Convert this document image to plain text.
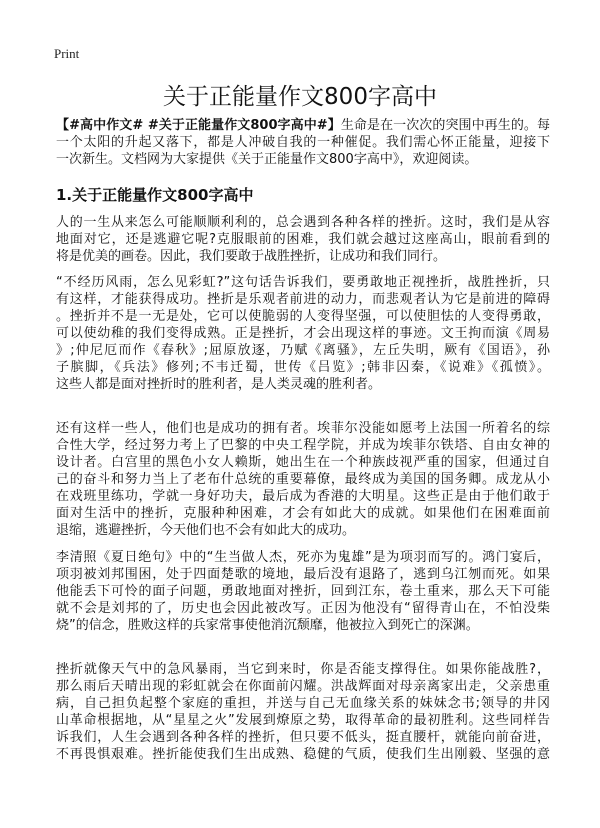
Print
关于正能量作文800字高中
【#高中作文# #关于正能量作文800字高中#】生命是在一次次的突围中再生的。每
一个太阳的升起又落下，都是人冲破自我的一种催促。我们需心怀正能量，迎接下
一次新生。文档网为大家提供《关于正能量作文800字高中》，欢迎阅读。
1.关于正能量作文800字高中
人的一生从来怎么可能顺顺利利的，总会遇到各种各样的挫折。这时，我们是从容
地面对它，还是逃避它呢?克服眼前的困难，我们就会越过这座高山，眼前看到的
将是优美的画卷。因此，我们要敢于战胜挫折，让成功和我们同行。
“不经历风雨，怎么见彩虹?”这句话告诉我们，要勇敢地正视挫折，战胜挫折，只
有这样，才能获得成功。挫折是乐观者前进的动力，而悲观者认为它是前进的障碍
。挫折并不是一无是处，它可以使脆弱的人变得坚强，可以使胆怯的人变得勇敢，
可以使幼稚的我们变得成熟。正是挫折，才会出现这样的事迹。文王拘而演《周易
》;仲尼厄而作《春秋》;屈原放逐，乃赋《离骚》，左丘失明，厥有《国语》，孙
子膑脚，《兵法》修列;不韦迁蜀，世传《吕览》;韩非囚秦，《说难》《孤愤》。
这些人都是面对挫折时的胜利者，是人类灵魂的胜利者。
还有这样一些人，他们也是成功的拥有者。埃菲尔没能如愿考上法国一所着名的综
合性大学，经过努力考上了巴黎的中央工程学院，并成为埃菲尔铁塔、自由女神的
设计者。白宫里的黑色小女人赖斯，她出生在一个种族歧视严重的国家，但通过自
己的奋斗和努力当上了老布什总统的重要幕僚，最终成为美国的国务卿。成龙从小
在戏班里练功，学就一身好功夫，最后成为香港的大明星。这些正是由于他们敢于
面对生活中的挫折，克服种种困难，才会有如此大的成就。如果他们在困难面前
退缩，逃避挫折，今天他们也不会有如此大的成功。
李清照《夏日绝句》中的“生当做人杰，死亦为鬼雄”是为项羽而写的。鸿门宴后，
项羽被刘邦围困，处于四面楚歌的境地，最后没有退路了，逃到乌江刎而死。如果
他能丢下可怜的面子问题，勇敢地面对挫折，回到江东，卷土重来，那么天下可能
就不会是刘邦的了，历史也会因此被改写。正因为他没有“留得青山在，不怕没柴
烧”的信念，胜败这样的兵家常事使他消沉颓靡，他被拉入到死亡的深渊。
挫折就像天气中的急风暴雨，当它到来时，你是否能支撑得住。如果你能战胜?，
那么雨后天晴出现的彩虹就会在你面前闪耀。洪战辉面对母亲离家出走，父亲患重
病，自己担负起整个家庭的重担，并送与自己无血缘关系的妹妹念书;领导的井冈
山革命根据地，从“星星之火”发展到燎原之势，取得革命的最初胜利。这些同样告
诉我们，人生会遇到各种各样的挫折，但只要不低头，挺直腰杆，就能向前奋进，
不再畏惧艰难。挫折能使我们生出成熟、稳健的气质，使我们生出刚毅、坚强的意
